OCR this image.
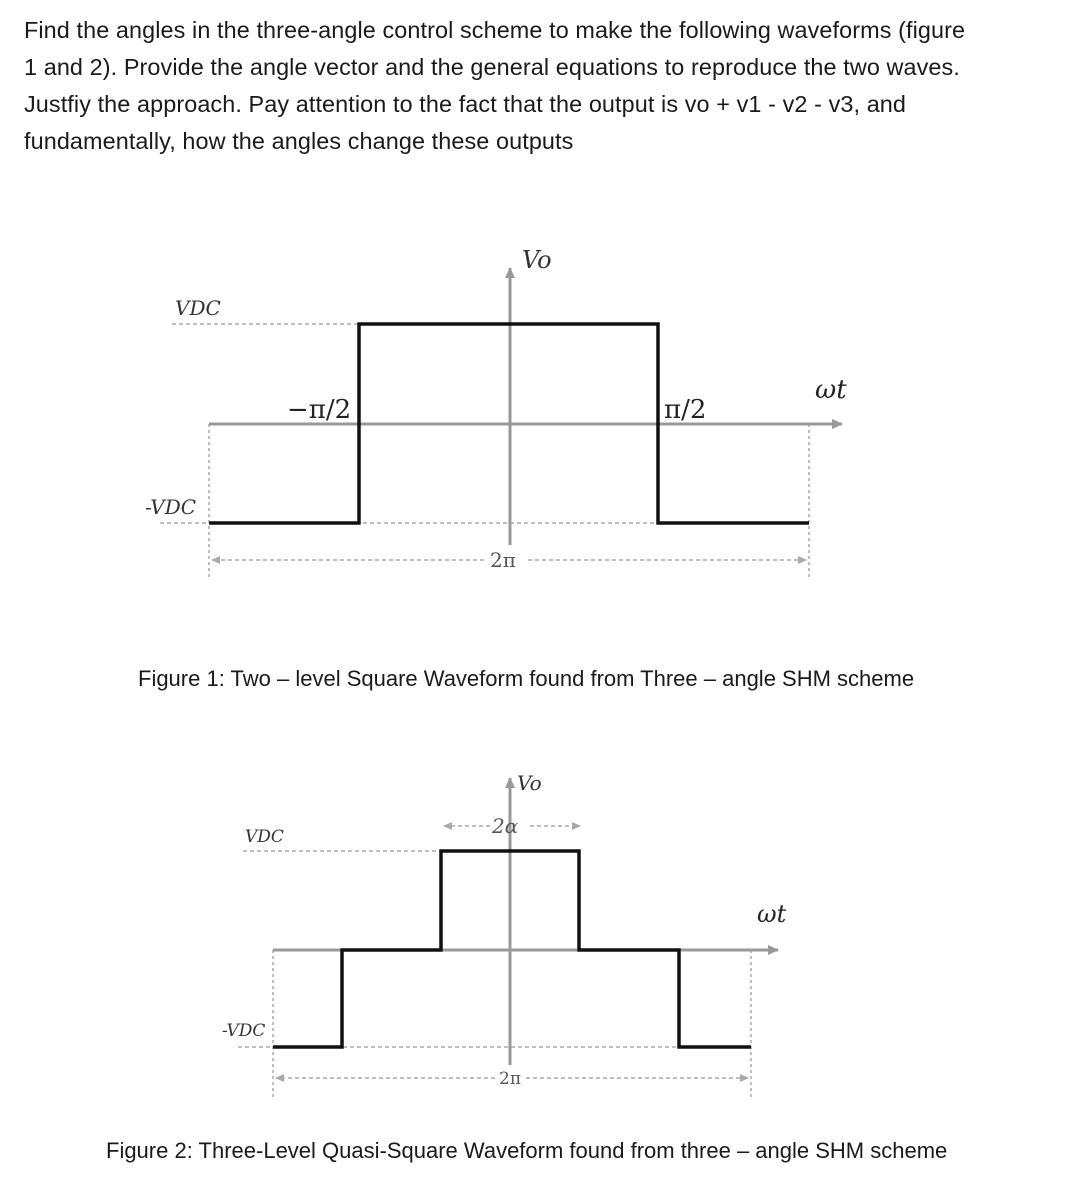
Find the angles in the three-angle control scheme to make the following waveforms (figure
1 and 2). Provide the angle vector and the general equations to reproduce the two waves.
Justfiy the approach. Pay attention to the fact that the output is vo + v1 - v2 - v3, and
fundamentally, how the angles change these outputs
Vo
VDC
-VDC
−π/2	π/2
ωt
2π
Vo
VDC
-VDC
2α
ωt
2π
Figure 1: Two – level Square Waveform found from Three – angle SHM scheme
Figure 2: Three-Level Quasi-Square Waveform found from three – angle SHM scheme
